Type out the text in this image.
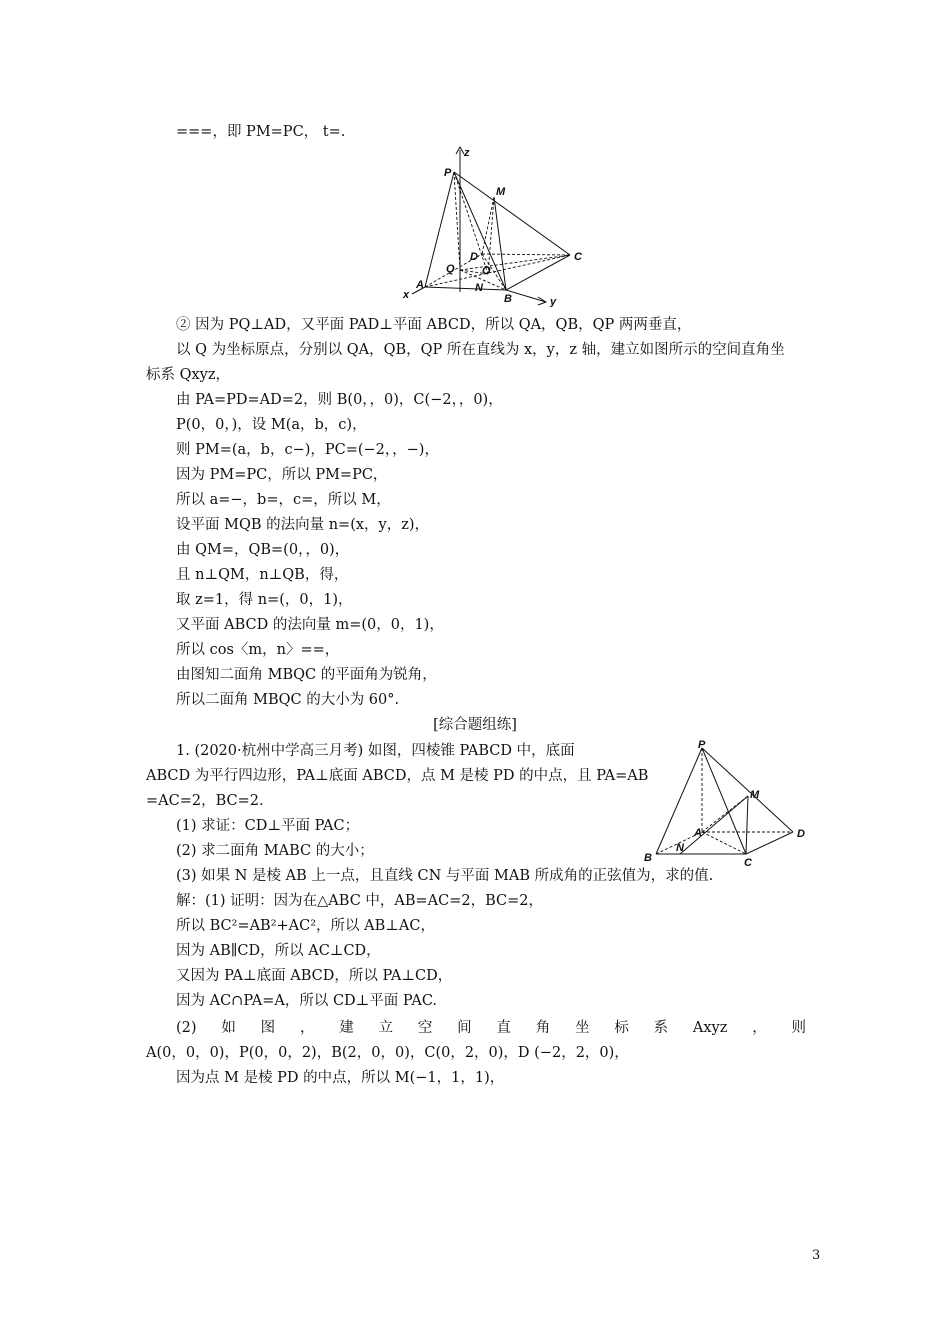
===，即 PM=PC， t=.
z
P
M
D	C
Q O
A	N
B
x
y
② 因为 PQ⊥AD，又平面 PAD⊥平面 ABCD，所以 QA，QB，QP 两两垂直，
以 Q 为坐标原点，分别以 QA，QB，QP 所在直线为 x，y，z 轴，建立如图所示的空间直角坐
标系 Qxyz，
由 PA=PD=AD=2，则 B(0，，0)，C(−2，，0)，
P(0，0，)，设 M(a，b，c)，
则 PM=(a，b，c−)，PC=(−2，，−)，
因为 PM=PC，所以 PM=PC，
所以 a=−，b=，c=，所以 M，
设平面 MQB 的法向量 n=(x，y，z)，
由 QM=，QB=(0，，0)，
且 n⊥QM，n⊥QB，得，
取 z=1，得 n=(，0，1)，
又平面 ABCD 的法向量 m=(0，0，1)，
所以 cos〈m，n〉==，
由图知二面角 MBQC 的平面角为锐角，
所以二面角 MBQC 的大小为 60°.
[综合题组练]
1. (2020·杭州中学高三月考) 如图，四棱锥 PABCD 中，底面
ABCD 为平行四边形，PA⊥底面 ABCD，点 M 是棱 PD 的中点，且 PA=AB
=AC=2，BC=2.
(1) 求证：CD⊥平面 PAC；
(2) 求二面角 MABC 的大小；
(3) 如果 N 是棱 AB 上一点，且直线 CN 与平面 MAB 所成角的正弦值为，求的值.
P
M
A	D
B
N
C
解：(1) 证明：因为在△ABC 中，AB=AC=2，BC=2，
所以 BC²=AB²+AC²，所以 AB⊥AC，
因为 AB∥CD，所以 AC⊥CD，
又因为 PA⊥底面 ABCD，所以 PA⊥CD，
因为 AC∩PA=A，所以 CD⊥平面 PAC.
(2) 如 图 ， 建 立 空 间 直 角 坐 标 系 Axyz ， 则
A(0，0，0)，P(0，0，2)，B(2，0，0)，C(0，2，0)，D (−2，2，0)，
因为点 M 是棱 PD 的中点，所以 M(−1，1，1)，
3
